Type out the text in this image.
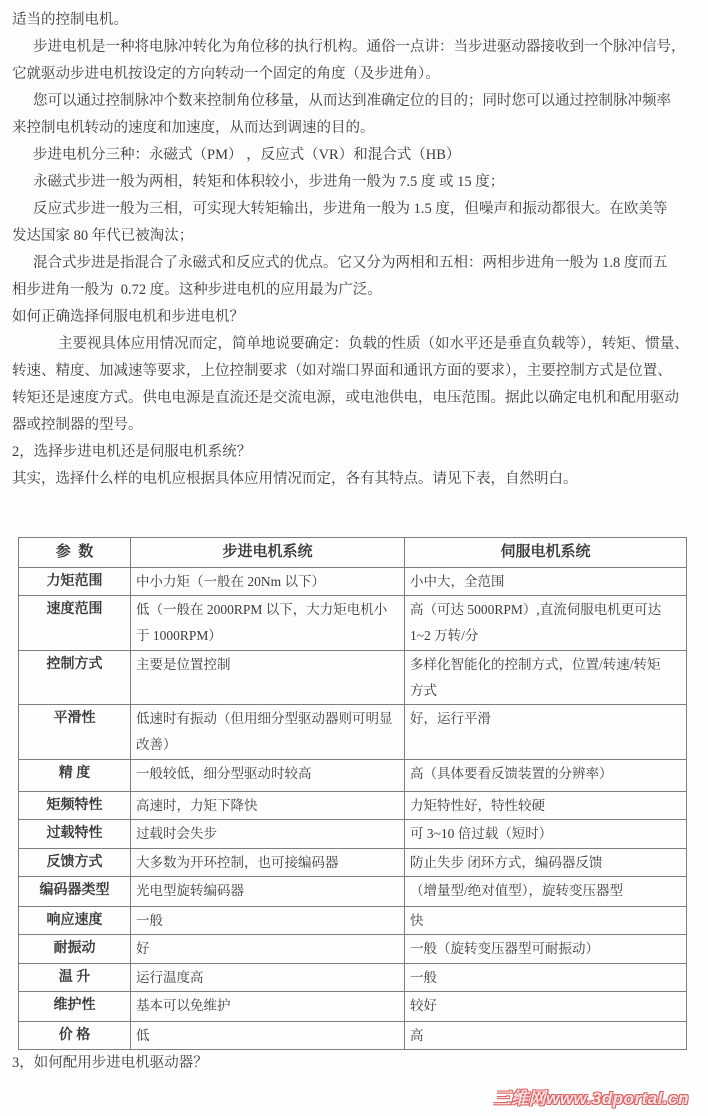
适当的控制电机。

步进电机是一种将电脉冲转化为角位移的执行机构。通俗一点讲：当步进驱动器接收到一个脉冲信号，
它就驱动步进电机按设定的方向转动一个固定的角度（及步进角）。

您可以通过控制脉冲个数来控制角位移量，从而达到准确定位的目的；同时您可以通过控制脉冲频率
来控制电机转动的速度和加速度，从而达到调速的目的。

步进电机分三种：永磁式（PM） ，反应式（VR）和混合式（HB）

永磁式步进一般为两相，转矩和体积较小，步进角一般为 7.5 度 或 15 度；

反应式步进一般为三相，可实现大转矩输出，步进角一般为 1.5 度，但噪声和振动都很大。在欧美等
发达国家 80 年代已被淘汰；

混合式步进是指混合了永磁式和反应式的优点。它又分为两相和五相：两相步进角一般为 1.8 度而五
相步进角一般为  0.72 度。这种步进电机的应用最为广泛。

如何正确选择伺服电机和步进电机？

主要视具体应用情况而定，简单地说要确定：负载的性质（如水平还是垂直负载等），转矩、惯量、
转速、精度、加减速等要求，上位控制要求（如对端口界面和通讯方面的要求），主要控制方式是位置、
转矩还是速度方式。供电电源是直流还是交流电源，或电池供电，电压范围。据此以确定电机和配用驱动
器或控制器的型号。

2，选择步进电机还是伺服电机系统？

其实，选择什么样的电机应根据具体应用情况而定，各有其特点。请见下表，自然明白。

参  数	步进电机系统	伺服电机系统
力矩范围	中小力矩（一般在 20Nm 以下）	小中大，全范围
速度范围	低（一般在 2000RPM 以下，大力矩电机小
于 1000RPM）	高（可达 5000RPM）,直流伺服电机更可达
1~2 万转/分
控制方式	主要是位置控制	多样化智能化的控制方式，位置/转速/转矩
方式
平滑性	低速时有振动（但用细分型驱动器则可明显
改善）	好，运行平滑
精 度	一般较低，细分型驱动时较高	高（具体要看反馈装置的分辨率）
矩频特性	高速时，力矩下降快	力矩特性好，特性较硬
过载特性	过载时会失步	可 3~10 倍过载（短时）
反馈方式	大多数为开环控制，也可接编码器	防止失步 闭环方式，编码器反馈
编码器类型	光电型旋转编码器	（增量型/绝对值型），旋转变压器型
响应速度	一般	快
耐振动	好	一般（旋转变压器型可耐振动）
温 升	运行温度高	一般
维护性	基本可以免维护	较好
价 格	低	高

3，如何配用步进电机驱动器？

三维网www.3dportal.cn
